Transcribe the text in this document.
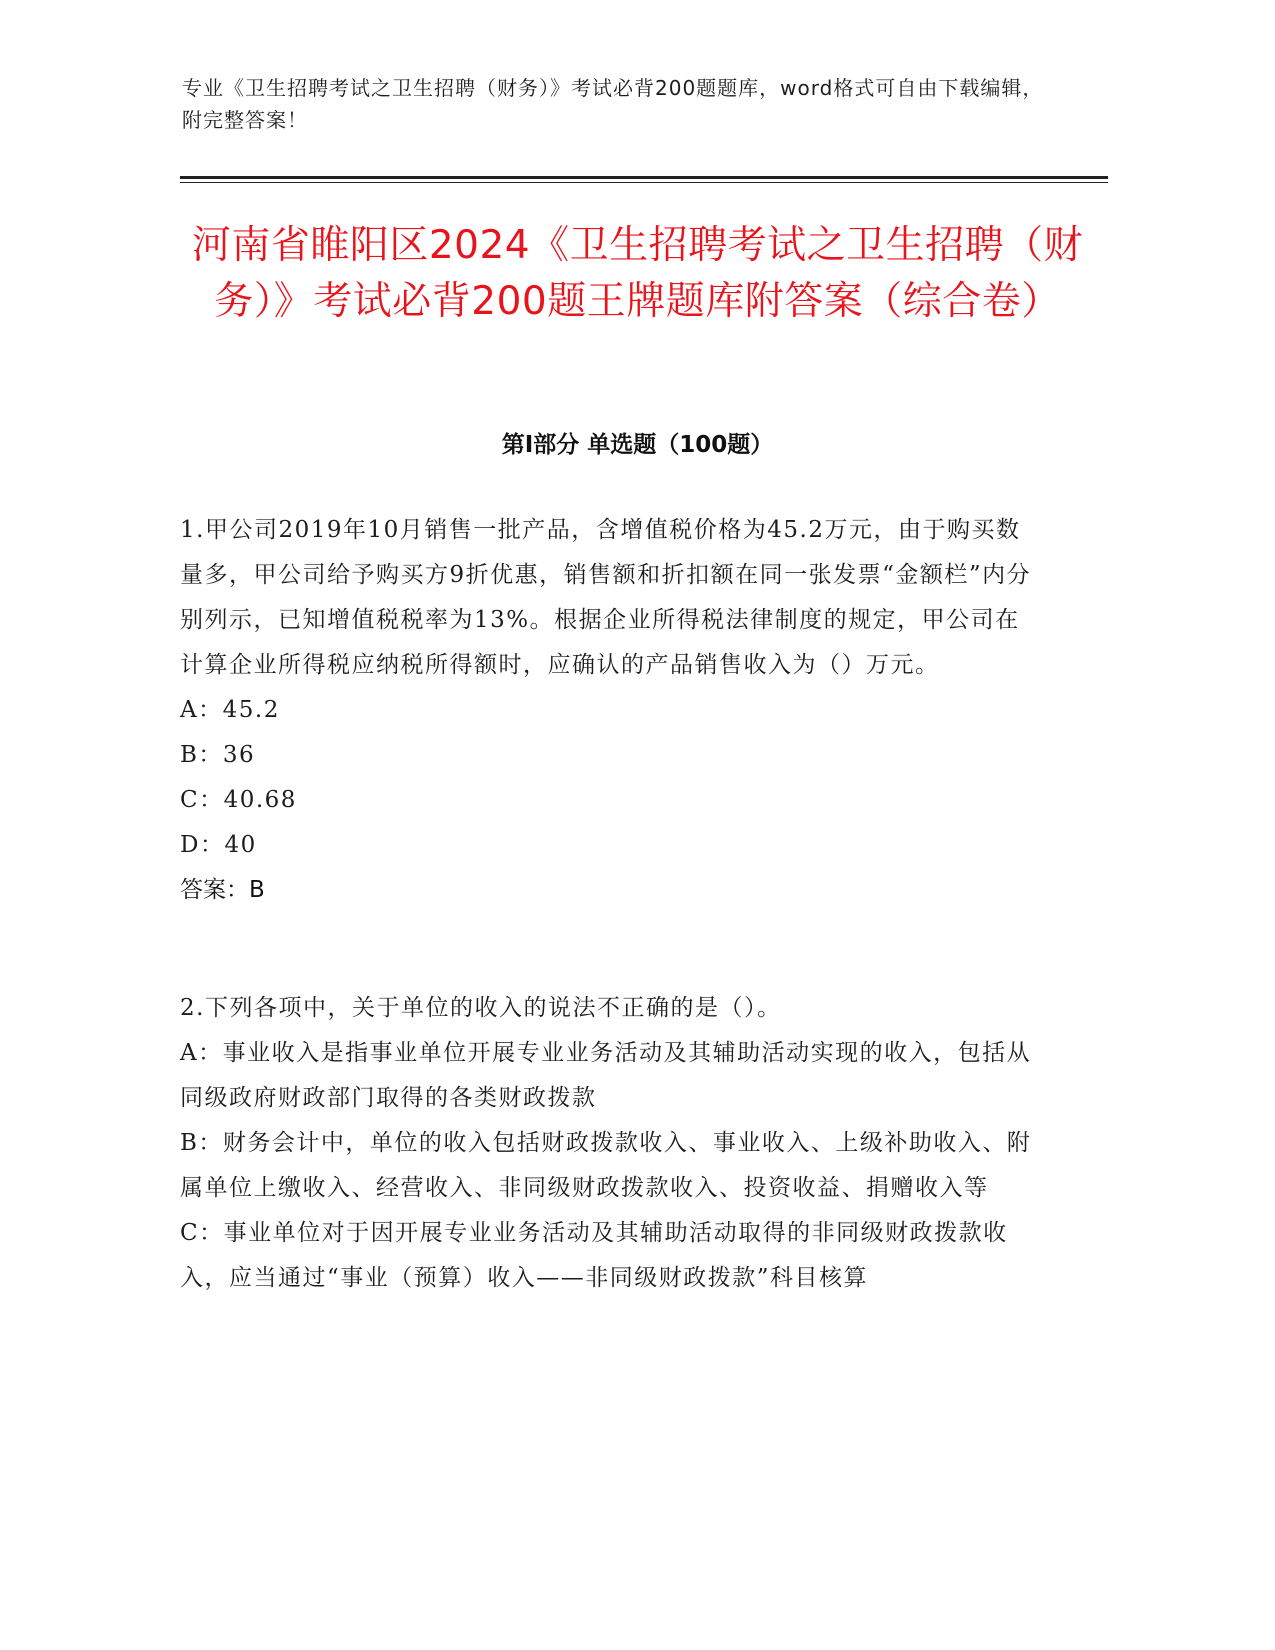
专业《卫生招聘考试之卫生招聘（财务）》考试必背200题题库，word格式可自由下载编辑，附完整答案！
河南省睢阳区2024《卫生招聘考试之卫生招聘（财务）》考试必背200题王牌题库附答案（综合卷）
第Ⅰ部分 单选题（100题）
1.甲公司2019年10月销售一批产品，含增值税价格为45.2万元，由于购买数量多，甲公司给予购买方9折优惠，销售额和折扣额在同一张发票“金额栏”内分别列示，已知增值税税率为13%。根据企业所得税法律制度的规定，甲公司在计算企业所得税应纳税所得额时，应确认的产品销售收入为（）万元。
A：45.2
B：36
C：40.68
D：40
答案：B
2.下列各项中，关于单位的收入的说法不正确的是（）。
A：事业收入是指事业单位开展专业业务活动及其辅助活动实现的收入，包括从同级政府财政部门取得的各类财政拨款
B：财务会计中，单位的收入包括财政拨款收入、事业收入、上级补助收入、附属单位上缴收入、经营收入、非同级财政拨款收入、投资收益、捐赠收入等
C：事业单位对于因开展专业业务活动及其辅助活动取得的非同级财政拨款收入，应当通过“事业（预算）收入——非同级财政拨款”科目核算
